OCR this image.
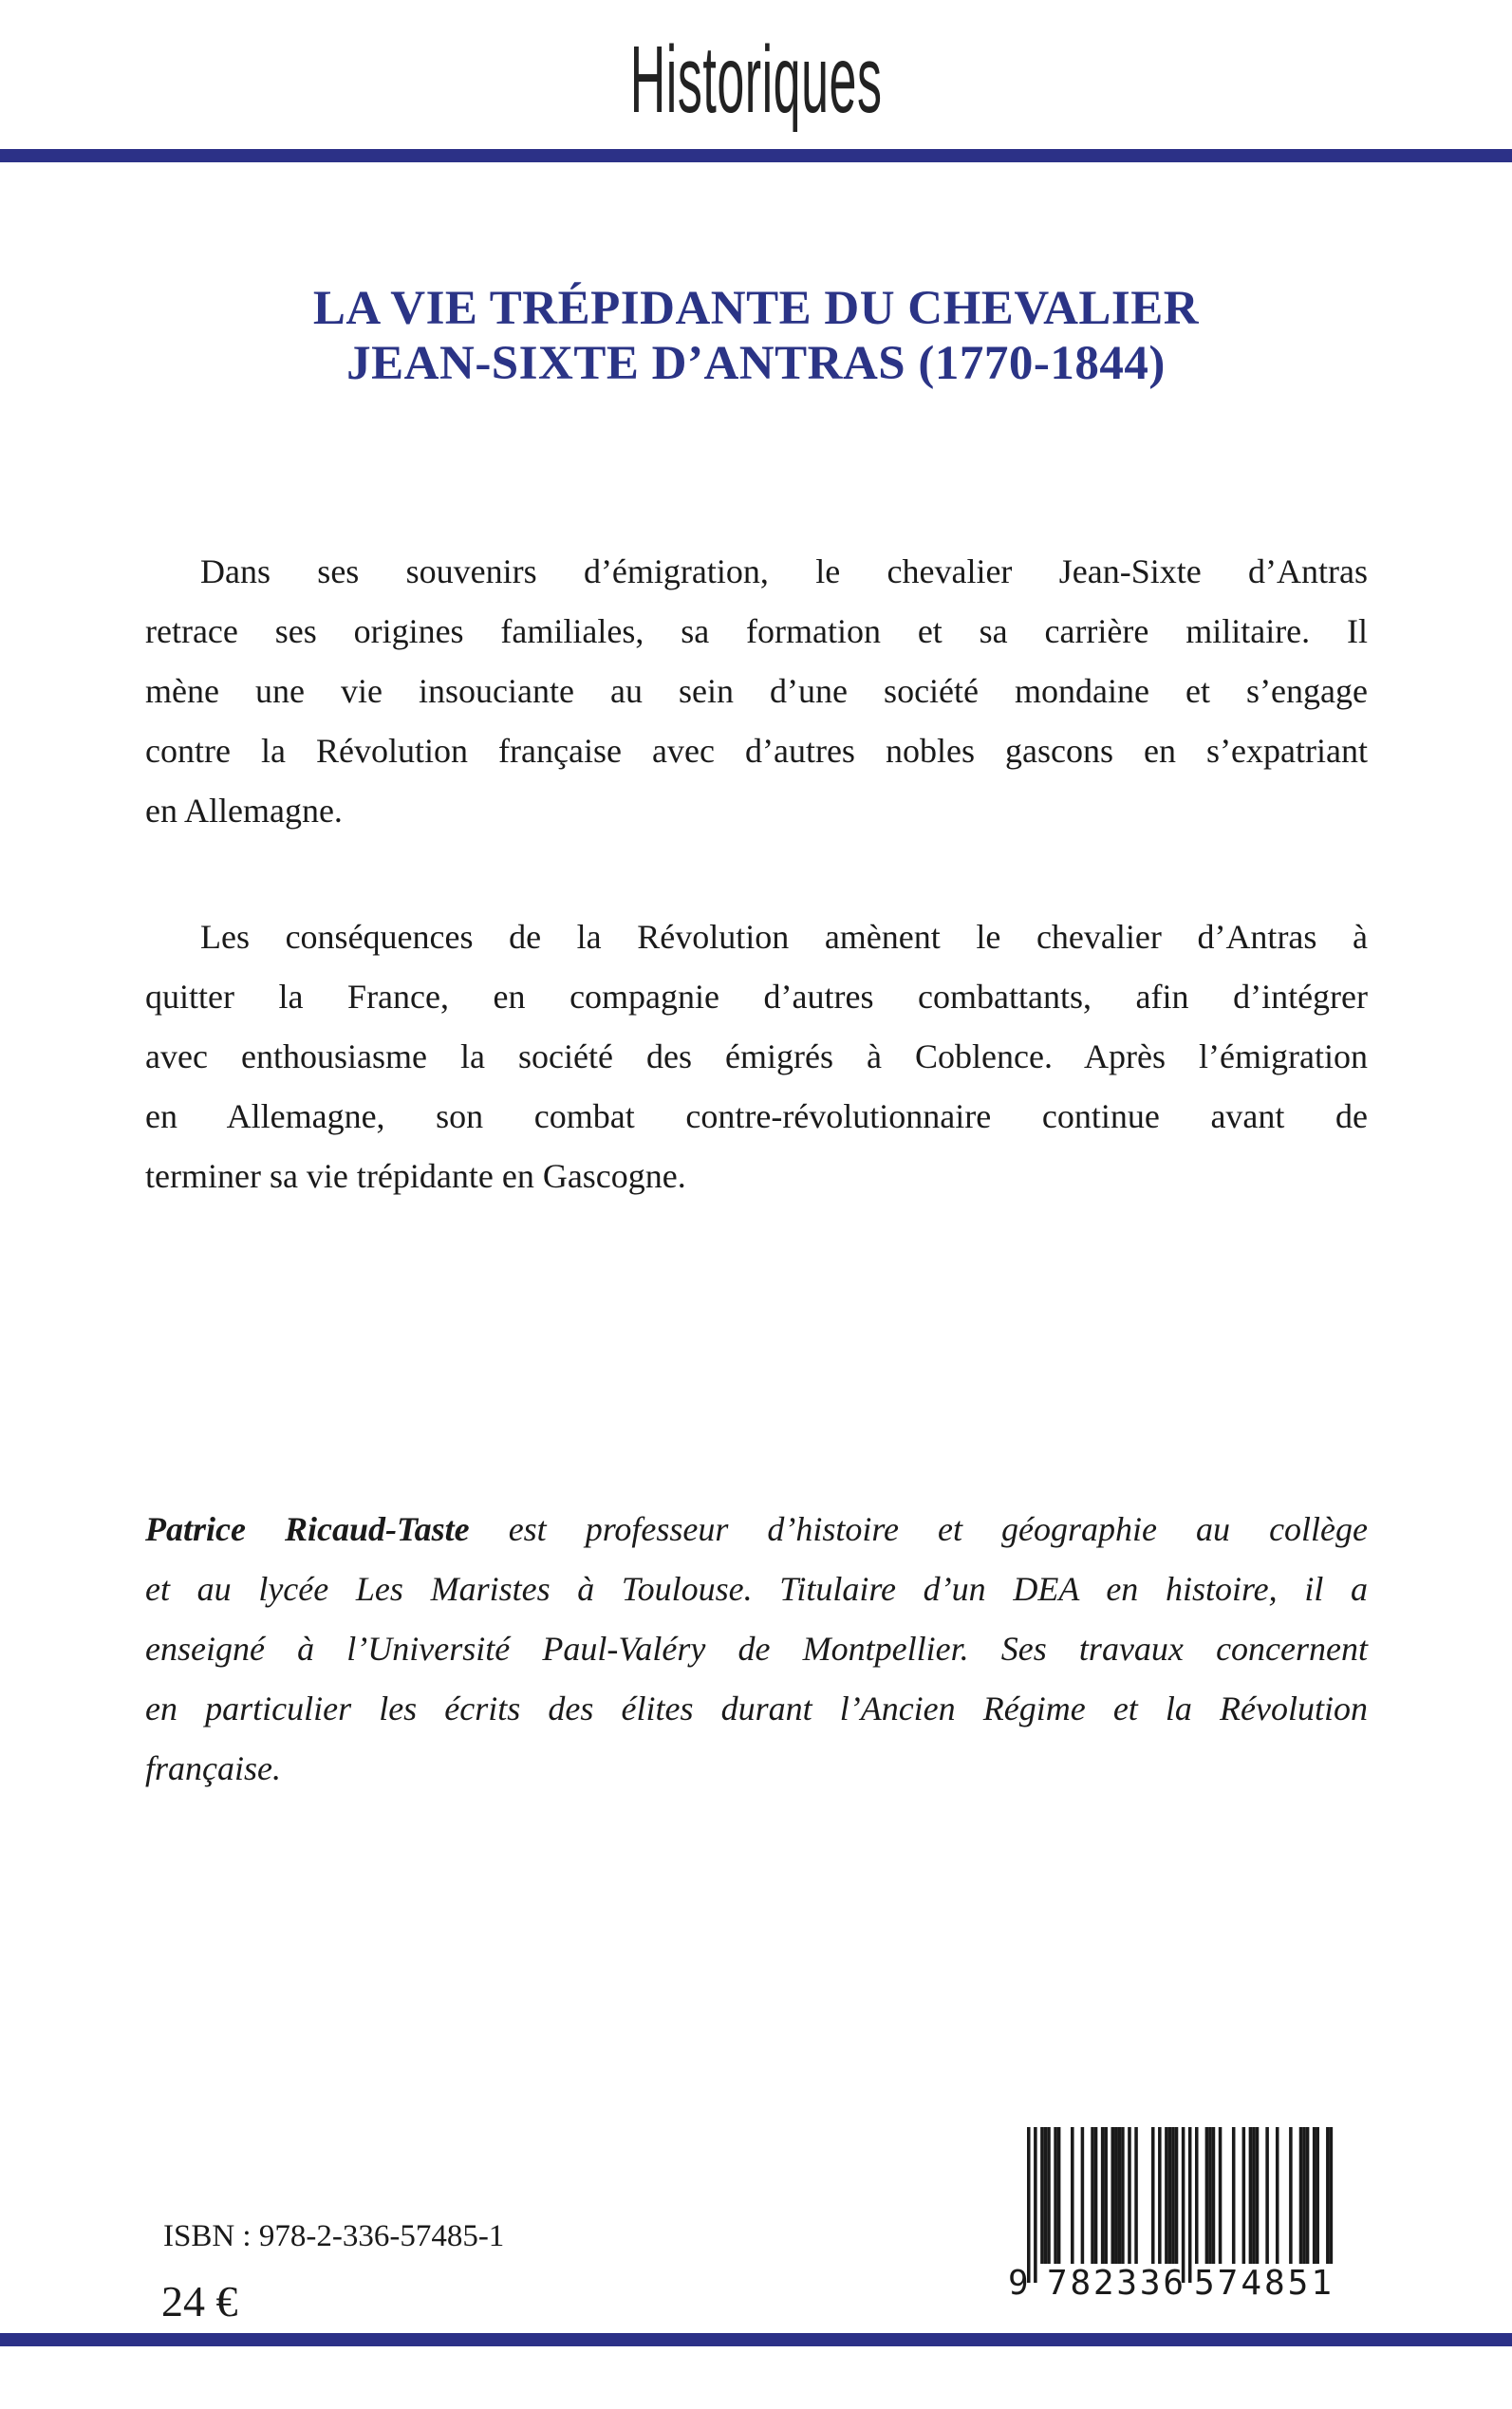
Historiques
LA VIE TRÉPIDANTE DU CHEVALIER
JEAN-SIXTE D’ANTRAS (1770-1844)
Dans ses souvenirs d’émigration, le chevalier Jean-Sixte d’Antras
retrace ses origines familiales, sa formation et sa carrière militaire. Il
mène une vie insouciante au sein d’une société mondaine et s’engage
contre la Révolution française avec d’autres nobles gascons en s’expatriant
en Allemagne.
Les conséquences de la Révolution amènent le chevalier d’Antras à
quitter la France, en compagnie d’autres combattants, afin d’intégrer
avec enthousiasme la société des émigrés à Coblence. Après l’émigration
en Allemagne, son combat contre-révolutionnaire continue avant de
terminer sa vie trépidante en Gascogne.
Patrice Ricaud-Taste est professeur d’histoire et géographie au collège
et au lycée Les Maristes à Toulouse. Titulaire d’un DEA en histoire, il a
enseigné à l’Université Paul-Valéry de Montpellier. Ses travaux concernent
en particulier les écrits des élites durant l’Ancien Régime et la Révolution
française.
ISBN : 978-2-336-57485-1
24 €	9 782336 574851
